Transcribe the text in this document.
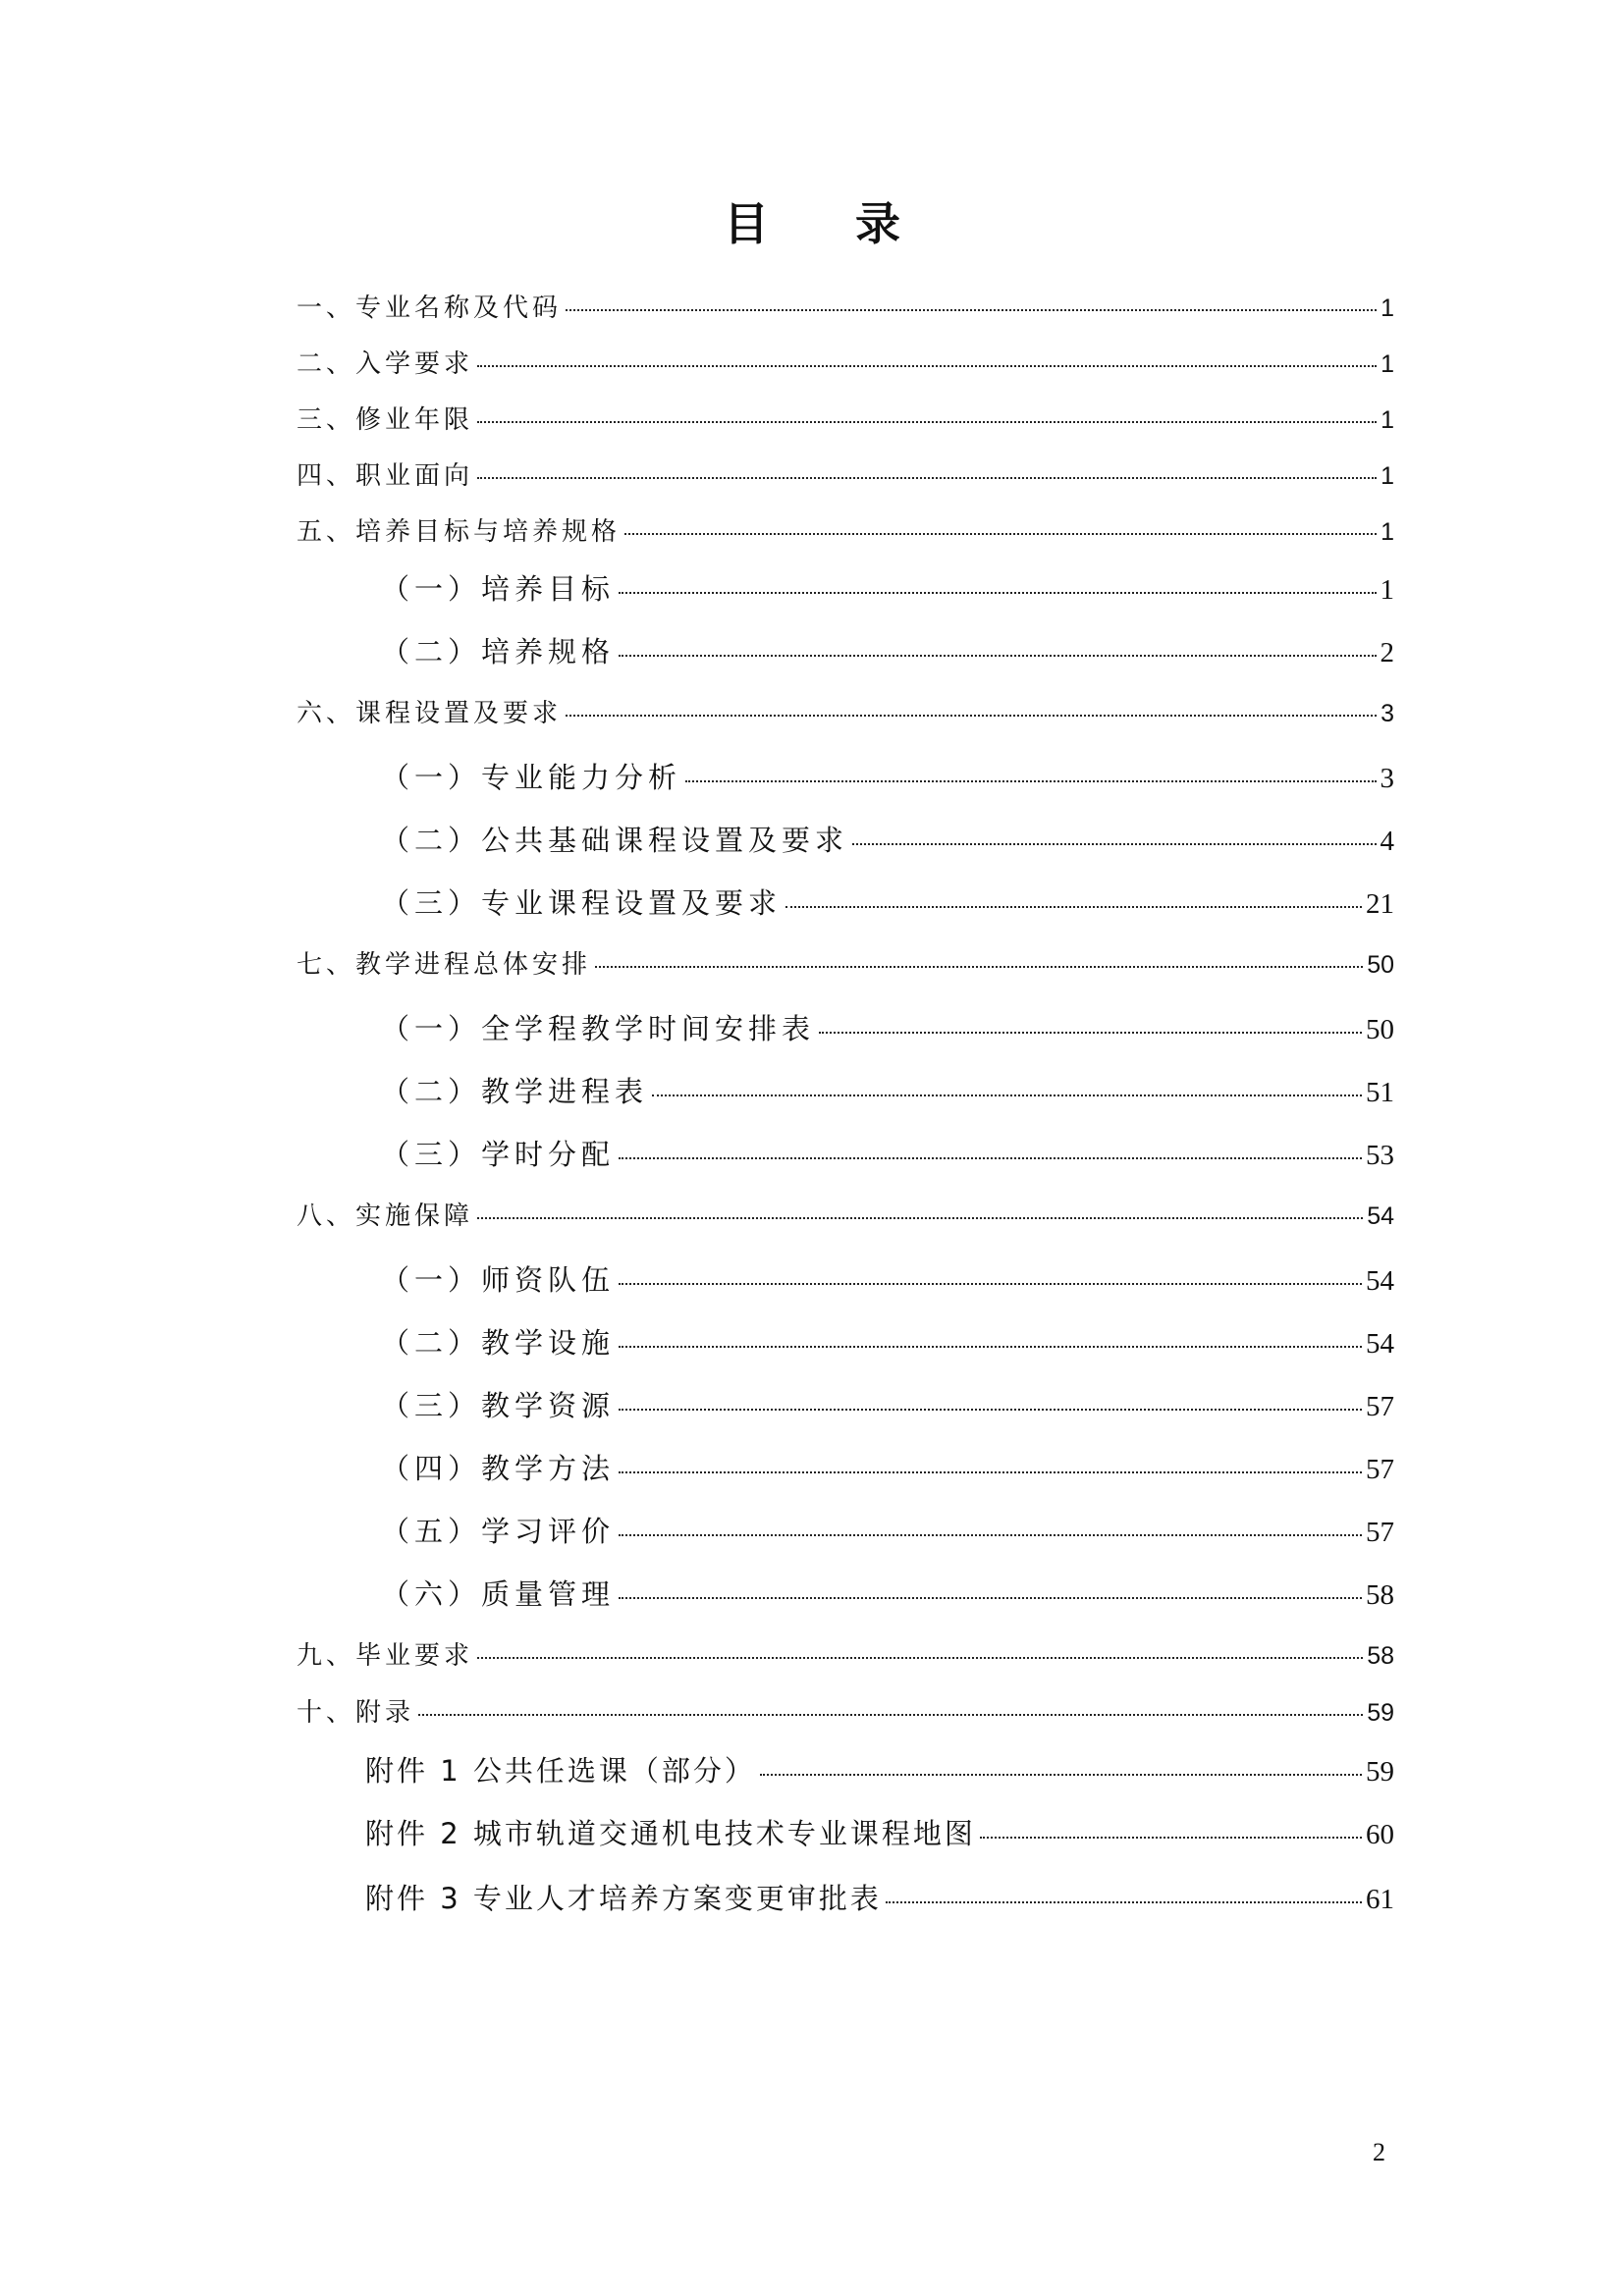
目 录
一、专业名称及代码	1
二、入学要求	1
三、修业年限	1
四、职业面向	1
五、培养目标与培养规格	1
（一）培养目标	1
（二）培养规格	2
六、课程设置及要求	3
（一）专业能力分析	3
（二）公共基础课程设置及要求	4
（三）专业课程设置及要求	21
七、教学进程总体安排	50
（一）全学程教学时间安排表	50
（二）教学进程表	51
（三）学时分配	53
八、实施保障	54
（一）师资队伍	54
（二）教学设施	54
（三）教学资源	57
（四）教学方法	57
（五）学习评价	57
（六）质量管理	58
九、毕业要求	58
十、附录	59
附件 1 公共任选课（部分）	59
附件 2 城市轨道交通机电技术专业课程地图	60
附件 3 专业人才培养方案变更审批表	61
2
